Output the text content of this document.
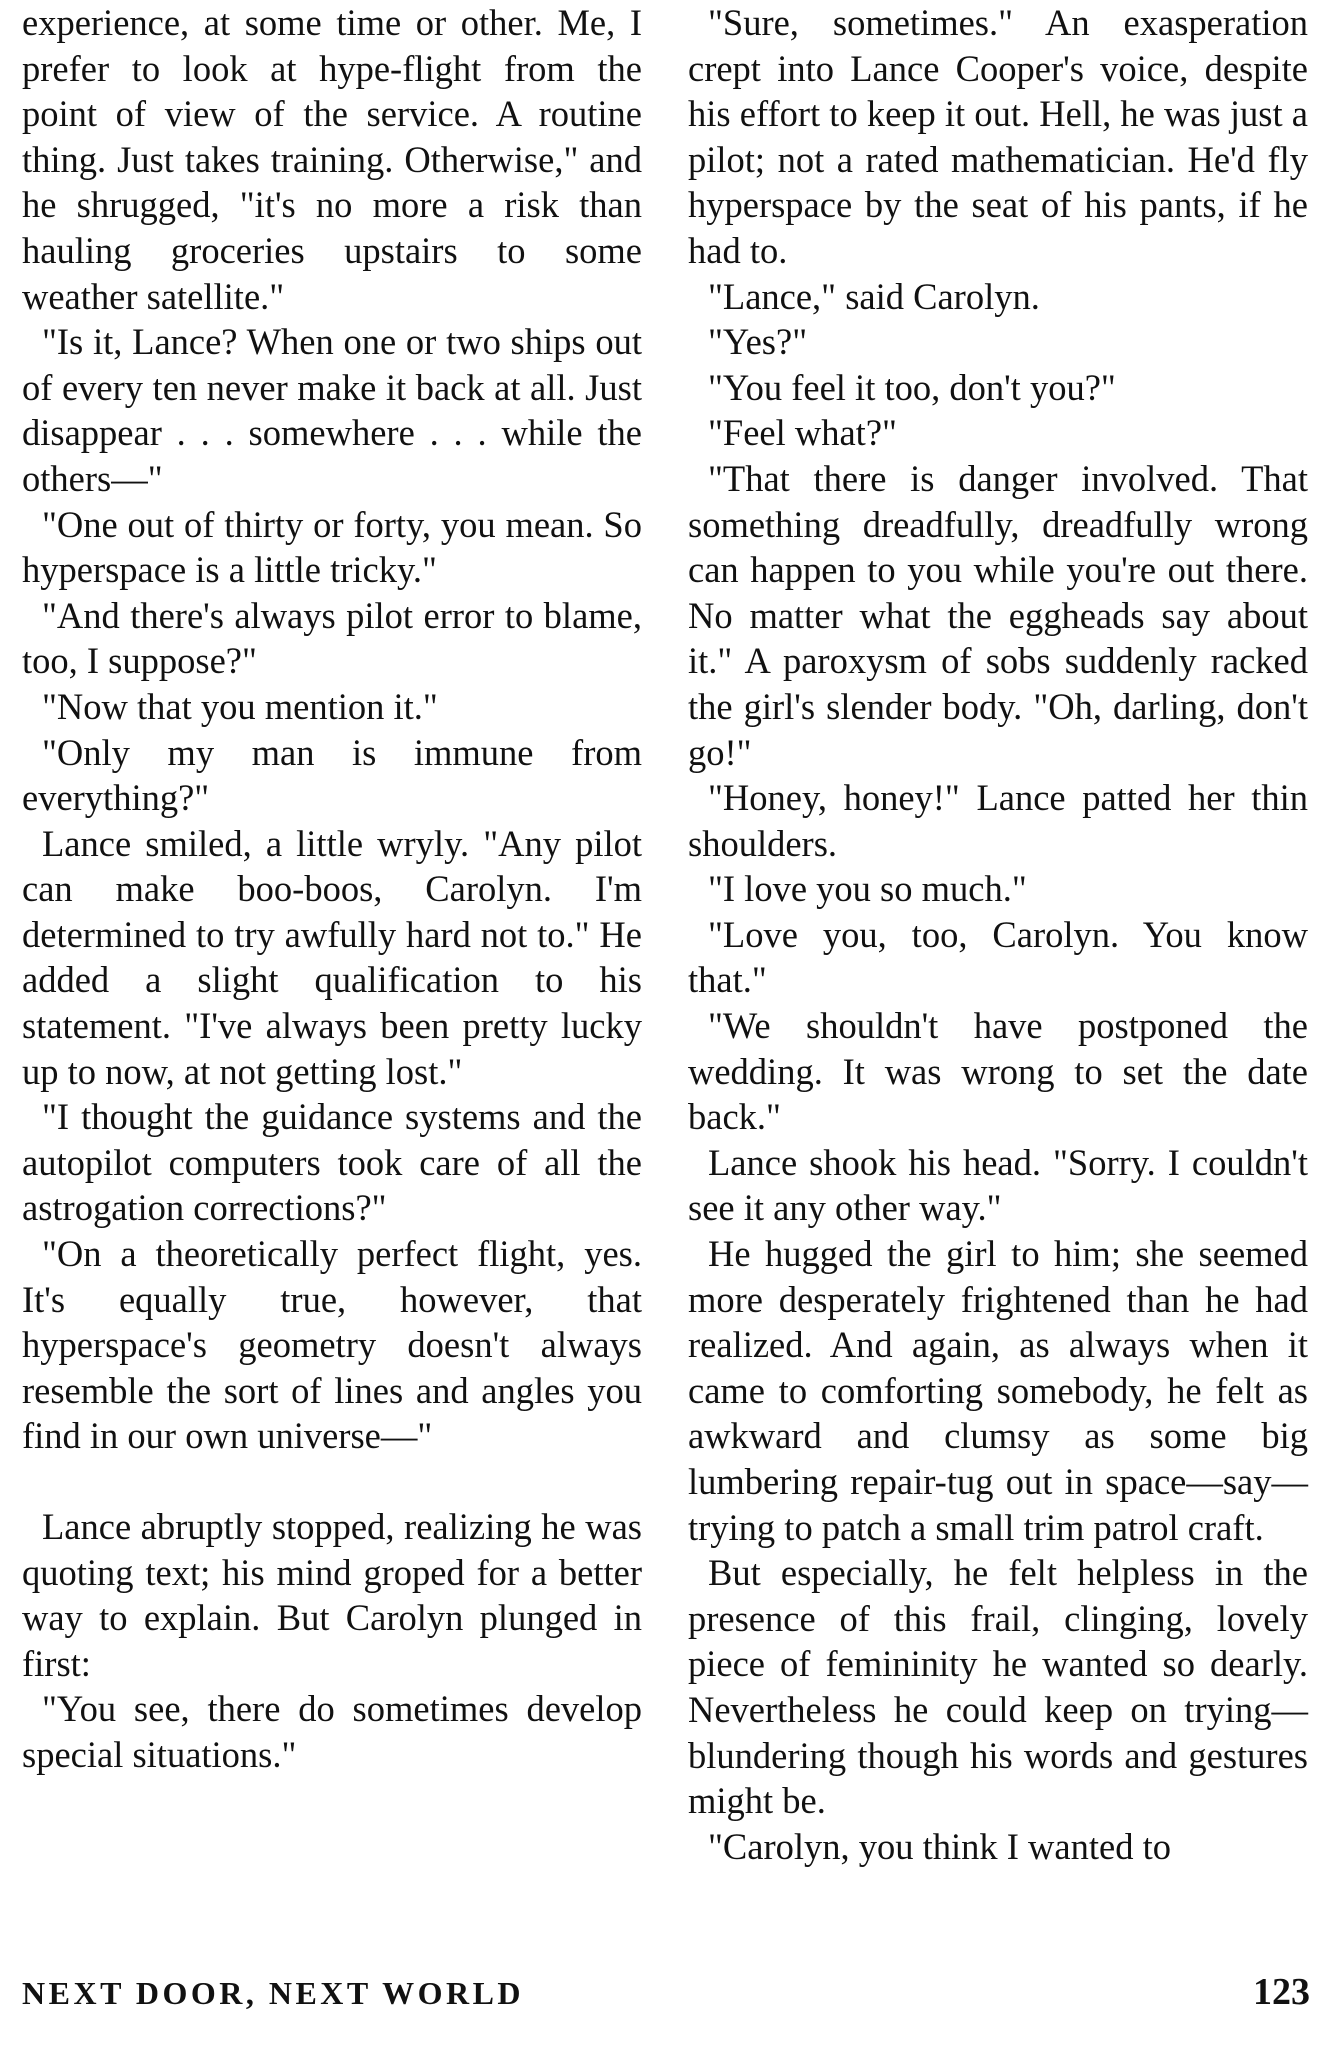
experience, at some time or other. Me, I prefer to look at hype-flight from the point of view of the service. A routine thing. Just takes training. Otherwise," and he shrugged, "it's no more a risk than hauling groceries upstairs to some weather satellite."

"Is it, Lance? When one or two ships out of every ten never make it back at all. Just disappear . . . somewhere . . . while the others—"

"One out of thirty or forty, you mean. So hyperspace is a little tricky."

"And there's always pilot error to blame, too, I suppose?"

"Now that you mention it."

"Only my man is immune from everything?"

Lance smiled, a little wryly. "Any pilot can make boo-boos, Carolyn. I'm determined to try awfully hard not to." He added a slight qualification to his statement. "I've always been pretty lucky up to now, at not getting lost."

"I thought the guidance systems and the autopilot computers took care of all the astrogation corrections?"

"On a theoretically perfect flight, yes. It's equally true, however, that hyperspace's geometry doesn't always resemble the sort of lines and angles you find in our own universe—"

Lance abruptly stopped, realizing he was quoting text; his mind groped for a better way to explain. But Carolyn plunged in first:

"You see, there do sometimes develop special situations."

"Sure, sometimes." An exasperation crept into Lance Cooper's voice, despite his effort to keep it out. Hell, he was just a pilot; not a rated mathematician. He'd fly hyperspace by the seat of his pants, if he had to.

"Lance," said Carolyn.

"Yes?"

"You feel it too, don't you?"

"Feel what?"

"That there is danger involved. That something dreadfully, dreadfully wrong can happen to you while you're out there. No matter what the eggheads say about it." A paroxysm of sobs suddenly racked the girl's slender body. "Oh, darling, don't go!"

"Honey, honey!" Lance patted her thin shoulders.

"I love you so much."

"Love you, too, Carolyn. You know that."

"We shouldn't have postponed the wedding. It was wrong to set the date back."

Lance shook his head. "Sorry. I couldn't see it any other way."

He hugged the girl to him; she seemed more desperately frightened than he had realized. And again, as always when it came to comforting somebody, he felt as awkward and clumsy as some big lumbering repair-tug out in space—say—trying to patch a small trim patrol craft.

But especially, he felt helpless in the presence of this frail, clinging, lovely piece of femininity he wanted so dearly. Nevertheless he could keep on trying—blundering though his words and gestures might be.

"Carolyn, you think I wanted to

NEXT DOOR, NEXT WORLD	123
